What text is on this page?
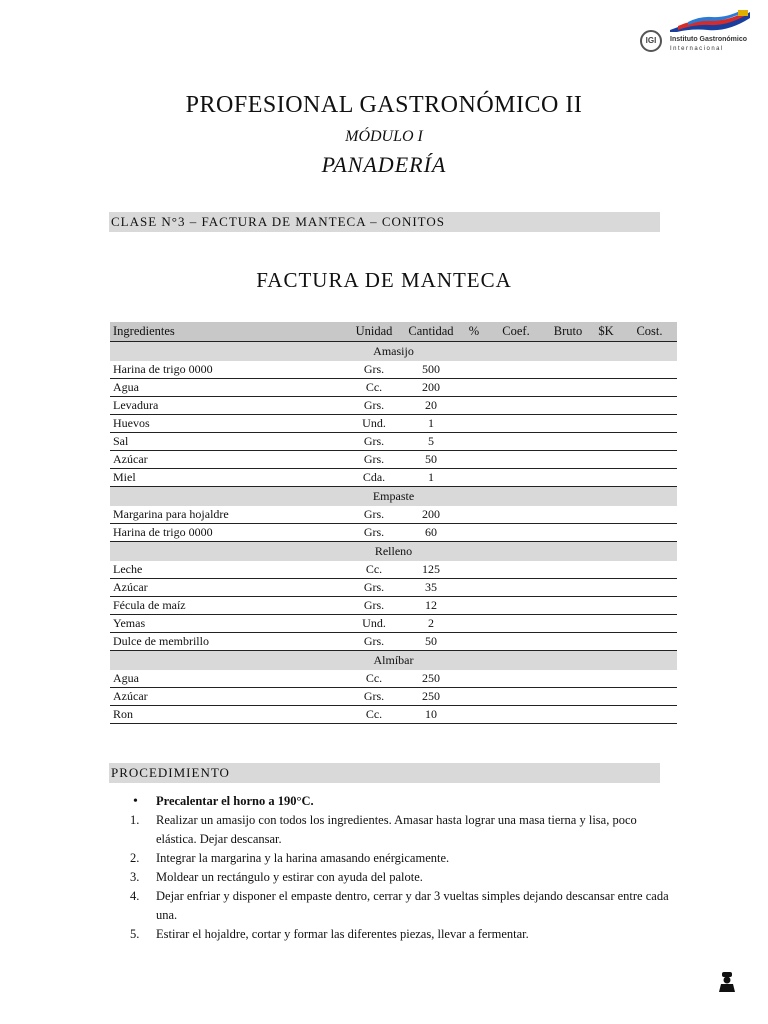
IGI	Instituto Gastronómico
Internacional
PROFESIONAL GASTRONÓMICO II
MÓDULO I
PANADERÍA
CLASE N°3 – FACTURA DE MANTECA – CONITOS
FACTURA DE MANTECA
Ingredientes	Unidad	Cantidad	%	Coef.	Bruto	$K	Cost.
Amasijo							
Harina de trigo 0000	Grs.	500					
Agua	Cc.	200					
Levadura	Grs.	20					
Huevos	Und.	1					
Sal	Grs.	5					
Azúcar	Grs.	50					
Miel	Cda.	1					
Empaste							
Margarina para hojaldre	Grs.	200					
Harina de trigo 0000	Grs.	60					
Relleno							
Leche	Cc.	125					
Azúcar	Grs.	35					
Fécula de maíz	Grs.	12					
Yemas	Und.	2					
Dulce de membrillo	Grs.	50					
Almíbar							
Agua	Cc.	250					
Azúcar	Grs.	250					
Ron	Cc.	10					
PROCEDIMIENTO
•	Precalentar el horno a 190°C.
1.	Realizar un amasijo con todos los ingredientes. Amasar hasta lograr una masa tierna y lisa, poco elástica. Dejar descansar.
2.	Integrar la margarina y la harina amasando enérgicamente.
3.	Moldear un rectángulo y estirar con ayuda del palote.
4.	Dejar enfriar y disponer el empaste dentro, cerrar y dar 3 vueltas simples dejando descansar entre cada una.
5.	Estirar el hojaldre, cortar y formar las diferentes piezas, llevar a fermentar.
